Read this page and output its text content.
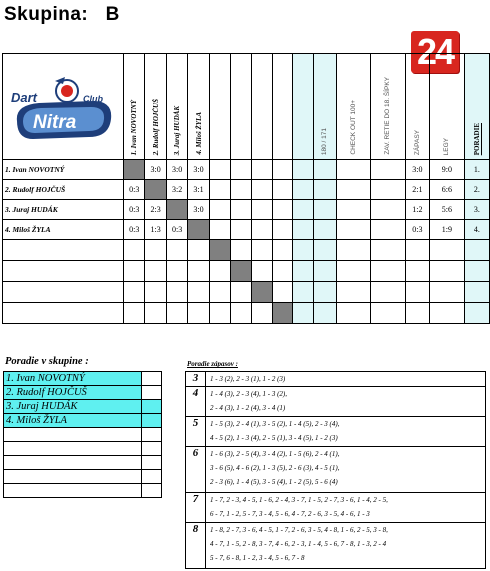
Skupina:   B
24
Dart Club
Nitra	1. Ivan NOVOTNÝ	2. Rudolf HOJČUŠ	3. Juraj HUDÁK	4. Miloš ŽYLA						180 / 171	CHECK OUT 100+	ZAV. RETIE DO 18. ŠÍPKY	ZÁPASY	LEGY	PORADIE

1. Ivan NOVOTNÝ		3:0	3:0	3:0									3:0	9:0	1.
2. Rudolf HOJČUŠ	0:3		3:2	3:1									2:1	6:6	2.
3. Juraj HUDÁK	0:3	2:3		3:0									1:2	5:6	3.
4. Miloš ŽYLA	0:3	1:3	0:3										0:3	1:9	4.

Poradie v skupine :
1. Ivan NOVOTNÝ	
2. Rudolf HOJČUŠ	
3. Juraj HUDÁK	
4. Miloš ŽYLA	

Poradie zápasov :
3	1 - 3 (2), 2 - 3 (1), 1 - 2 (3)

4	1 - 4 (3), 2 - 3 (4), 1 - 3 (2),
2 - 4 (3), 1 - 2 (4), 3 - 4 (1)

5	1 - 5 (3), 2 - 4 (1), 3 - 5 (2), 1 - 4 (5), 2 - 3 (4),
4 - 5 (2), 1 - 3 (4), 2 - 5 (1), 3 - 4 (5), 1 - 2 (3)

6	1 - 6 (3), 2 - 5 (4), 3 - 4 (2), 1 - 5 (6), 2 - 4 (1),
3 - 6 (5), 4 - 6 (2), 1 - 3 (5), 2 - 6 (3), 4 - 5 (1),
2 - 3 (6), 1 - 4 (5), 3 - 5 (4), 1 - 2 (5), 5 - 6 (4)

7	1 - 7, 2 - 3, 4 - 5, 1 - 6, 2 - 4, 3 - 7, 1 - 5, 2 - 7, 3 - 6, 1 - 4, 2 - 5,
6 - 7, 1 - 2, 5 - 7, 3 - 4, 5 - 6, 4 - 7, 2 - 6, 3 - 5, 4 - 6, 1 - 3

8	1 - 8, 2 - 7, 3 - 6, 4 - 5, 1 - 7, 2 - 6, 3 - 5, 4 - 8, 1 - 6, 2 - 5, 3 - 8,
4 - 7, 1 - 5, 2 - 8, 3 - 7, 4 - 6, 2 - 3, 1 - 4, 5 - 6, 7 - 8, 1 - 3, 2 - 4
5 - 7, 6 - 8, 1 - 2, 3 - 4, 5 - 6, 7 - 8
